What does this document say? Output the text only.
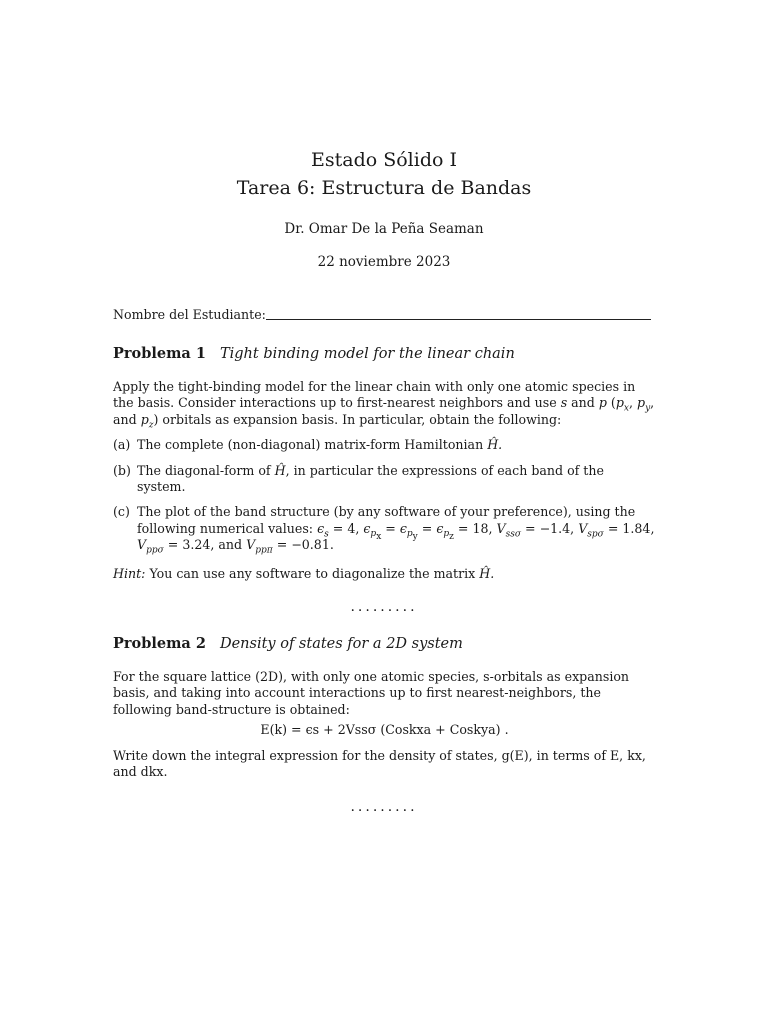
Estado Sólido I
Tarea 6: Estructura de Bandas
Dr. Omar De la Peña Seaman
22 noviembre 2023
Nombre del Estudiante:
Problema 1 Tight binding model for the linear chain
Apply the tight-binding model for the linear chain with only one atomic species in the basis. Consider interactions up to first-nearest neighbors and use s and p ($p_x$, $p_y$, and $p_z$) orbitals as expansion basis. In particular, obtain the following:
(a) The complete (non-diagonal) matrix-form Hamiltonian Ĥ.
(b) The diagonal-form of Ĥ, in particular the expressions of each band of the system.
(c) The plot of the band structure (by any software of your preference), using the following numerical values: $\epsilon_s = 4$, $\epsilon_{p_x} = \epsilon_{p_y} = \epsilon_{p_z} = 18$, $V_{ss\sigma} = -1.4$, $V_{sp\sigma} = 1.84$, $V_{pp\sigma} = 3.24$, and $V_{pp\pi} = -0.81$.
Hint: You can use any software to diagonalize the matrix Ĥ.
.........
Problema 2 Density of states for a 2D system
For the square lattice (2D), with only one atomic species, s-orbitals as expansion basis, and taking into account interactions up to first nearest-neighbors, the following band-structure is obtained:
E(k) = ϵs + 2Vssσ (Coskxa + Coskya) .
Write down the integral expression for the density of states, g(E), in terms of E, kx, and dkx.
.........
